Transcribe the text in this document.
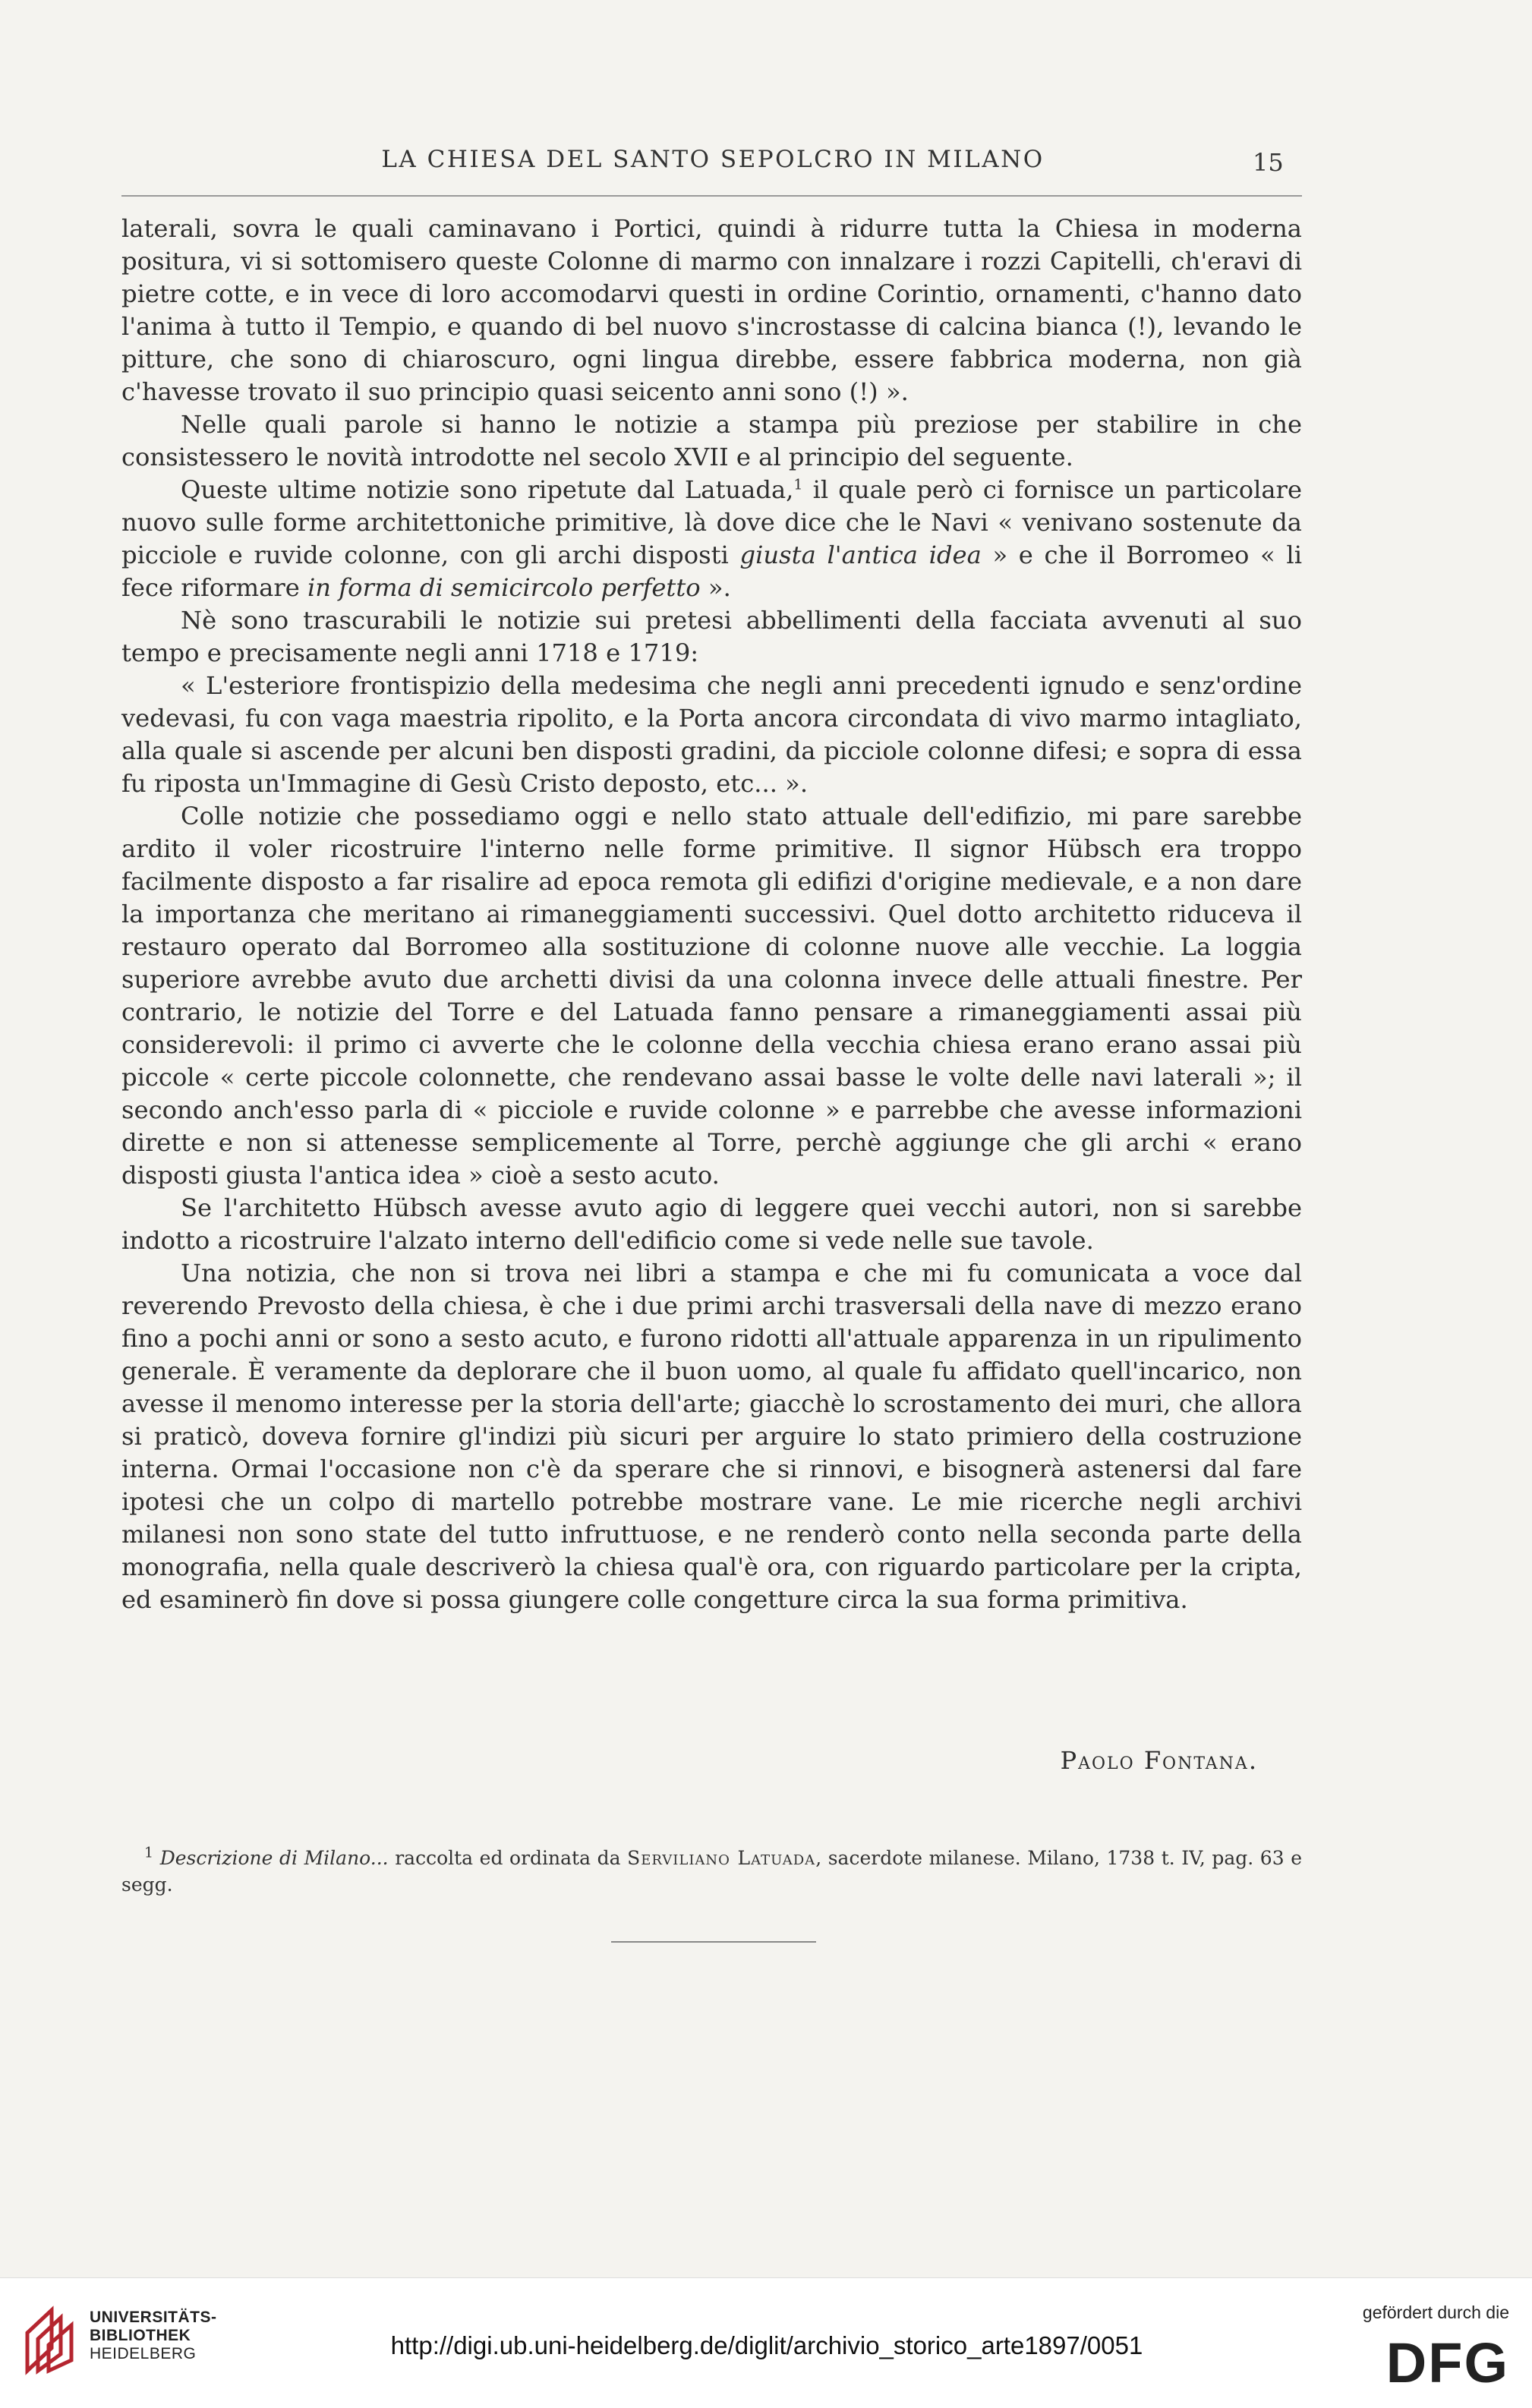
LA CHIESA DEL SANTO SEPOLCRO IN MILANO	15

laterali, sovra le quali caminavano i Portici, quindi à ridurre tutta la Chiesa in moderna positura, vi si sottomisero queste Colonne di marmo con innalzare i rozzi Capitelli, ch'eravi di pietre cotte, e in vece di loro accomodarvi questi in ordine Corintio, ornamenti, c'hanno dato l'anima à tutto il Tempio, e quando di bel nuovo s'incrostasse di calcina bianca (!), levando le pitture, che sono di chiaroscuro, ogni lingua direbbe, essere fabbrica moderna, non già c'havesse trovato il suo principio quasi seicento anni sono (!) ».

Nelle quali parole si hanno le notizie a stampa più preziose per stabilire in che consistessero le novità introdotte nel secolo XVII e al principio del seguente.

Queste ultime notizie sono ripetute dal Latuada,$^1$ il quale però ci fornisce un particolare nuovo sulle forme architettoniche primitive, là dove dice che le Navi « venivano sostenute da picciole e ruvide colonne, con gli archi disposti giusta l'antica idea » e che il Borromeo « li fece riformare in forma di semicircolo perfetto ».

Nè sono trascurabili le notizie sui pretesi abbellimenti della facciata avvenuti al suo tempo e precisamente negli anni 1718 e 1719:

« L'esteriore frontispizio della medesima che negli anni precedenti ignudo e senz'ordine vedevasi, fu con vaga maestria ripolito, e la Porta ancora circondata di vivo marmo intagliato, alla quale si ascende per alcuni ben disposti gradini, da picciole colonne difesi; e sopra di essa fu riposta un'Immagine di Gesù Cristo deposto, etc... ».

Colle notizie che possediamo oggi e nello stato attuale dell'edifizio, mi pare sarebbe ardito il voler ricostruire l'interno nelle forme primitive. Il signor Hübsch era troppo facilmente disposto a far risalire ad epoca remota gli edifizi d'origine medievale, e a non dare la importanza che meritano ai rimaneggiamenti successivi. Quel dotto architetto riduceva il restauro operato dal Borromeo alla sostituzione di colonne nuove alle vecchie. La loggia superiore avrebbe avuto due archetti divisi da una colonna invece delle attuali finestre. Per contrario, le notizie del Torre e del Latuada fanno pensare a rimaneggiamenti assai più considerevoli: il primo ci avverte che le colonne della vecchia chiesa erano erano assai più piccole « certe piccole colonnette, che rendevano assai basse le volte delle navi laterali »; il secondo anch'esso parla di « picciole e ruvide colonne » e parrebbe che avesse informazioni dirette e non si attenesse semplicemente al Torre, perchè aggiunge che gli archi « erano disposti giusta l'antica idea » cioè a sesto acuto.

Se l'architetto Hübsch avesse avuto agio di leggere quei vecchi autori, non si sarebbe indotto a ricostruire l'alzato interno dell'edificio come si vede nelle sue tavole.

Una notizia, che non si trova nei libri a stampa e che mi fu comunicata a voce dal reverendo Prevosto della chiesa, è che i due primi archi trasversali della nave di mezzo erano fino a pochi anni or sono a sesto acuto, e furono ridotti all'attuale apparenza in un ripulimento generale. È veramente da deplorare che il buon uomo, al quale fu affidato quell'incarico, non avesse il menomo interesse per la storia dell'arte; giacchè lo scrostamento dei muri, che allora si praticò, doveva fornire gl'indizi più sicuri per arguire lo stato primiero della costruzione interna. Ormai l'occasione non c'è da sperare che si rinnovi, e bisognerà astenersi dal fare ipotesi che un colpo di martello potrebbe mostrare vane. Le mie ricerche negli archivi milanesi non sono state del tutto infruttuose, e ne renderò conto nella seconda parte della monografia, nella quale descriverò la chiesa qual'è ora, con riguardo particolare per la cripta, ed esaminerò fin dove si possa giungere colle congetture circa la sua forma primitiva.

Paolo Fontana.

$^1$ Descrizione di Milano... raccolta ed ordinata da Serviliano Latuada, sacerdote milanese. Milano, 1738 t. IV, pag. 63 e segg.

UNIVERSITÄTS-
BIBLIOTHEK
HEIDELBERG	http://digi.ub.uni-heidelberg.de/diglit/archivio_storico_arte1897/0051
gefördert durch die
DFG
